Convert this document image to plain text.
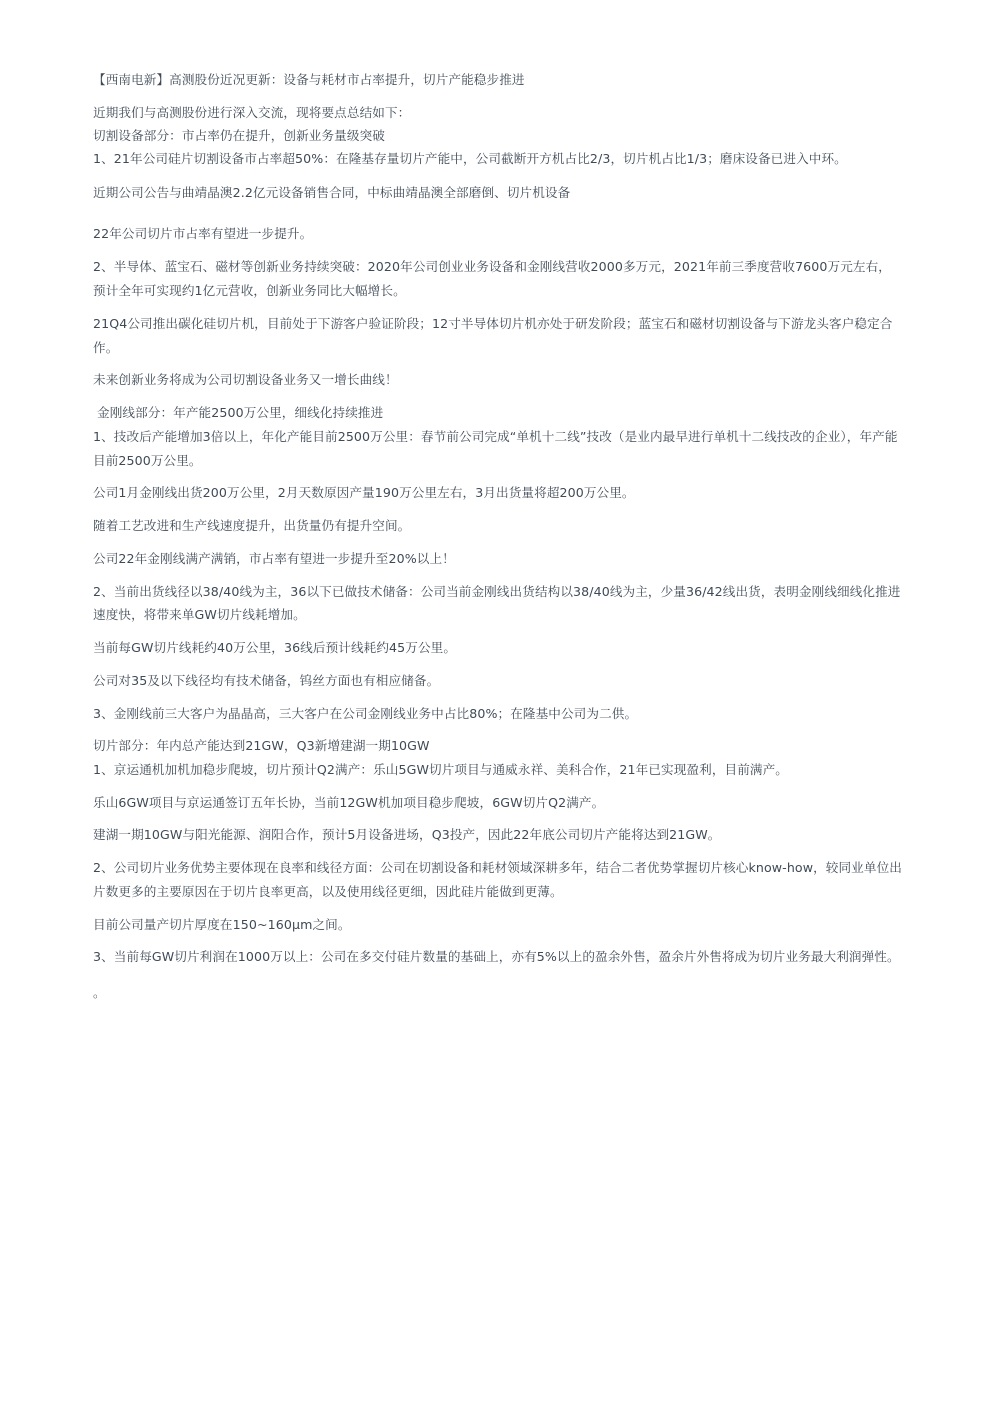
【西南电新】高测股份近况更新：设备与耗材市占率提升，切片产能稳步推进
近期我们与高测股份进行深入交流，现将要点总结如下：
切割设备部分：市占率仍在提升，创新业务量级突破
1、21年公司硅片切割设备市占率超50%：在隆基存量切片产能中，公司截断开方机占比2/3，切片机占比1/3；磨床设备已进入中环。
近期公司公告与曲靖晶澳2.2亿元设备销售合同，中标曲靖晶澳全部磨倒、切片机设备
22年公司切片市占率有望进一步提升。
2、半导体、蓝宝石、磁材等创新业务持续突破：2020年公司创业业务设备和金刚线营收2000多万元，2021年前三季度营收7600万元左右，
预计全年可实现约1亿元营收，创新业务同比大幅增长。
21Q4公司推出碳化硅切片机，目前处于下游客户验证阶段；12寸半导体切片机亦处于研发阶段；蓝宝石和磁材切割设备与下游龙头客户稳定合
作。
未来创新业务将成为公司切割设备业务又一增长曲线！
金刚线部分：年产能2500万公里，细线化持续推进
1、技改后产能增加3倍以上，年化产能目前2500万公里：春节前公司完成“单机十二线”技改（是业内最早进行单机十二线技改的企业），年产能
目前2500万公里。
公司1月金刚线出货200万公里，2月天数原因产量190万公里左右，3月出货量将超200万公里。
随着工艺改进和生产线速度提升，出货量仍有提升空间。
公司22年金刚线满产满销，市占率有望进一步提升至20%以上！
2、当前出货线径以38/40线为主，36以下已做技术储备：公司当前金刚线出货结构以38/40线为主，少量36/42线出货，表明金刚线细线化推进
速度快，将带来单GW切片线耗增加。
当前每GW切片线耗约40万公里，36线后预计线耗约45万公里。
公司对35及以下线径均有技术储备，钨丝方面也有相应储备。
3、金刚线前三大客户为晶晶高，三大客户在公司金刚线业务中占比80%；在隆基中公司为二供。
切片部分：年内总产能达到21GW，Q3新增建湖一期10GW
1、京运通机加机加稳步爬坡，切片预计Q2满产：乐山5GW切片项目与通威永祥、美科合作，21年已实现盈利，目前满产。
乐山6GW项目与京运通签订五年长协，当前12GW机加项目稳步爬坡，6GW切片Q2满产。
建湖一期10GW与阳光能源、润阳合作，预计5月设备进场，Q3投产，因此22年底公司切片产能将达到21GW。
2、公司切片业务优势主要体现在良率和线径方面：公司在切割设备和耗材领域深耕多年，结合二者优势掌握切片核心know-how，较同业单位出
片数更多的主要原因在于切片良率更高，以及使用线径更细，因此硅片能做到更薄。
目前公司量产切片厚度在150~160μm之间。
3、当前每GW切片利润在1000万以上：公司在多交付硅片数量的基础上，亦有5%以上的盈余外售，盈余片外售将成为切片业务最大利润弹性。
。
